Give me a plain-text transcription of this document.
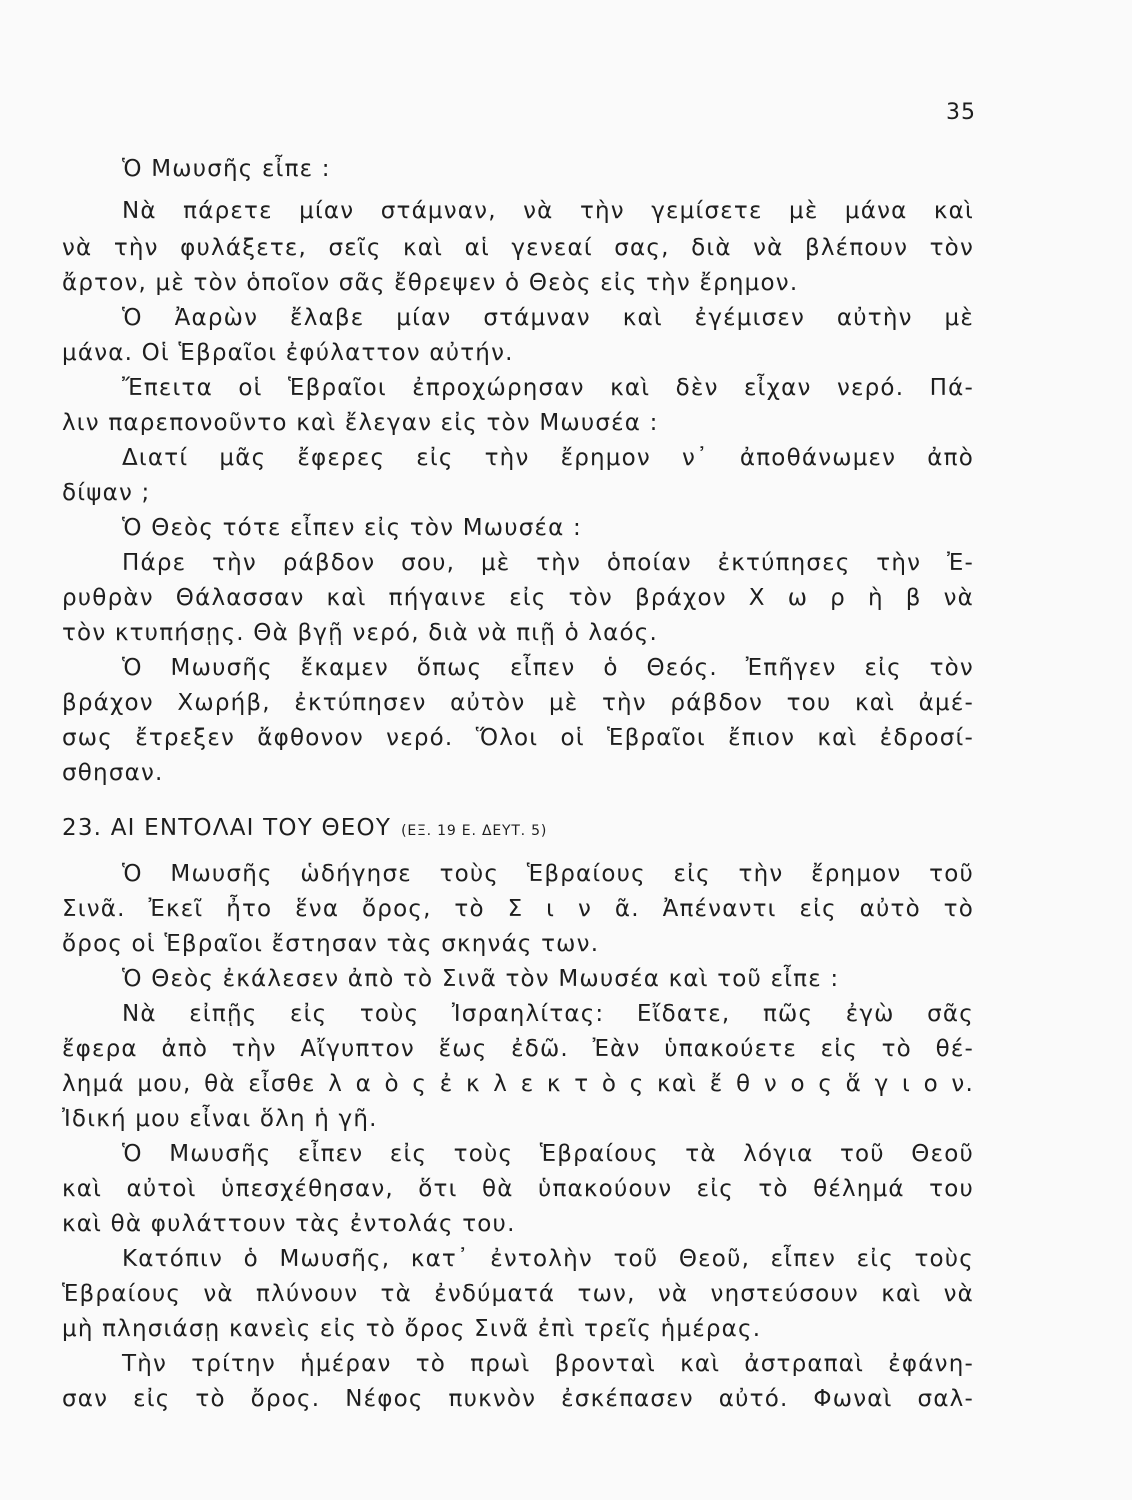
35
Ὁ Μωυσῆς εἶπε :
Νὰ πάρετε μίαν στάμναν, νὰ τὴν γεμίσετε μὲ μάνα καὶ
νὰ τὴν φυλάξετε, σεῖς καὶ αἱ γενεαί σας, διὰ νὰ βλέπουν τὸν
ἄρτον, μὲ τὸν ὁποῖον σᾶς ἔθρεψεν ὁ Θεὸς εἰς τὴν ἔρημον.
Ὁ Ἀαρὼν ἔλαβε μίαν στάμναν καὶ ἐγέμισεν αὐτὴν μὲ
μάνα. Οἱ Ἑβραῖοι ἐφύλαττον αὐτήν.
Ἔπειτα οἱ Ἑβραῖοι ἐπροχώρησαν καὶ δὲν εἶχαν νερό. Πά-
λιν παρεπονοῦντο καὶ ἔλεγαν εἰς τὸν Μωυσέα :
Διατί μᾶς ἔφερες εἰς τὴν ἔρημον ν᾿ ἀποθάνωμεν ἀπὸ
δίψαν ;
Ὁ Θεὸς τότε εἶπεν εἰς τὸν Μωυσέα :
Πάρε τὴν ράβδον σου, μὲ τὴν ὁποίαν ἐκτύπησες τὴν Ἐ-
ρυθρὰν Θάλασσαν καὶ πήγαινε εἰς τὸν βράχον Χ ω ρ ὴ β νὰ
τὸν κτυπήσῃς. Θὰ βγῇ νερό, διὰ νὰ πιῇ ὁ λαός.
Ὁ Μωυσῆς ἔκαμεν ὅπως εἶπεν ὁ Θεός. Ἐπῆγεν εἰς τὸν
βράχον Χωρήβ, ἐκτύπησεν αὐτὸν μὲ τὴν ράβδον του καὶ ἀμέ-
σως ἔτρεξεν ἄφθονον νερό. Ὅλοι οἱ Ἑβραῖοι ἔπιον καὶ ἐδροσί-
σθησαν.
23. ΑΙ ΕΝΤΟΛΑΙ ΤΟΥ ΘΕΟΥ (ΕΞ. 19 Ε. ΔΕΥΤ. 5)
Ὁ Μωυσῆς ὡδήγησε τοὺς Ἑβραίους εἰς τὴν ἔρημον τοῦ
Σινᾶ. Ἐκεῖ ἦτο ἕνα ὄρος, τὸ Σ ι ν ᾶ. Ἀπέναντι εἰς αὐτὸ τὸ
ὄρος οἱ Ἑβραῖοι ἔστησαν τὰς σκηνάς των.
Ὁ Θεὸς ἐκάλεσεν ἀπὸ τὸ Σινᾶ τὸν Μωυσέα καὶ τοῦ εἶπε :
Νὰ εἰπῇς εἰς τοὺς Ἰσραηλίτας: Εἴδατε, πῶς ἐγὼ σᾶς
ἔφερα ἀπὸ τὴν Αἴγυπτον ἕως ἐδῶ. Ἐὰν ὑπακούετε εἰς τὸ θέ-
λημά μου, θὰ εἶσθε λ α ὸ ς ἐ κ λ ε κ τ ὸ ς καὶ ἔ θ ν ο ς ἅ γ ι ο ν.
Ἰδική μου εἶναι ὅλη ἡ γῆ.
Ὁ Μωυσῆς εἶπεν εἰς τοὺς Ἑβραίους τὰ λόγια τοῦ Θεοῦ
καὶ αὐτοὶ ὑπεσχέθησαν, ὅτι θὰ ὑπακούουν εἰς τὸ θέλημά του
καὶ θὰ φυλάττουν τὰς ἐντολάς του.
Κατόπιν ὁ Μωυσῆς, κατ᾿ ἐντολὴν τοῦ Θεοῦ, εἶπεν εἰς τοὺς
Ἑβραίους νὰ πλύνουν τὰ ἐνδύματά των, νὰ νηστεύσουν καὶ νὰ
μὴ πλησιάσῃ κανεὶς εἰς τὸ ὄρος Σινᾶ ἐπὶ τρεῖς ἡμέρας.
Τὴν τρίτην ἡμέραν τὸ πρωὶ βρονταὶ καὶ ἀστραπαὶ ἐφάνη-
σαν εἰς τὸ ὄρος. Νέφος πυκνὸν ἐσκέπασεν αὐτό. Φωναὶ σαλ-
